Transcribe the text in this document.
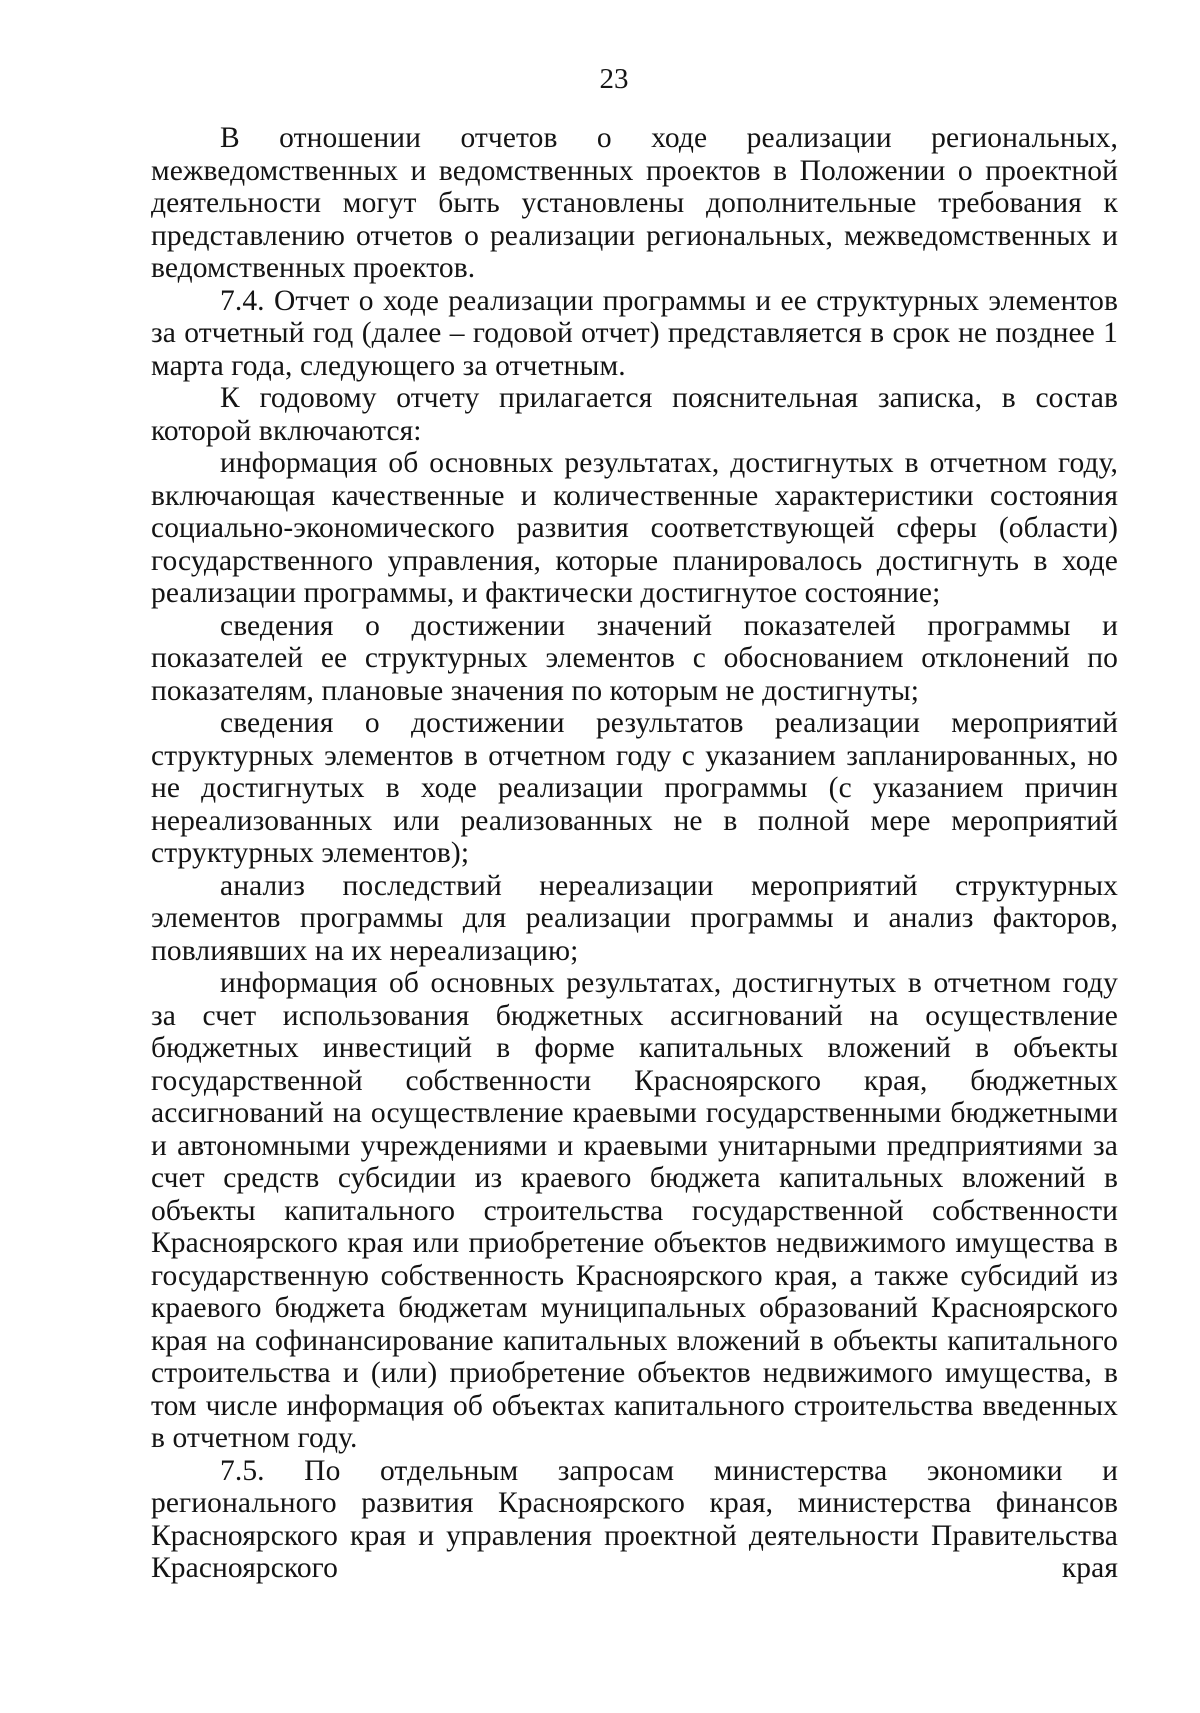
23

В отношении отчетов о ходе реализации региональных, межведомственных и ведомственных проектов в Положении о проектной деятельности могут быть установлены дополнительные требования к представлению отчетов о реализации региональных, межведомственных и ведомственных проектов.

7.4. Отчет о ходе реализации программы и ее структурных элементов за отчетный год (далее – годовой отчет) представляется в срок не позднее 1 марта года, следующего за отчетным.

К годовому отчету прилагается пояснительная записка, в состав которой включаются:

информация об основных результатах, достигнутых в отчетном году, включающая качественные и количественные характеристики состояния социально-экономического развития соответствующей сферы (области) государственного управления, которые планировалось достигнуть в ходе реализации программы, и фактически достигнутое состояние;

сведения о достижении значений показателей программы и показателей ее структурных элементов с обоснованием отклонений по показателям, плановые значения по которым не достигнуты;

сведения о достижении результатов реализации мероприятий структурных элементов в отчетном году с указанием запланированных, но не достигнутых в ходе реализации программы (с указанием причин нереализованных или реализованных не в полной мере мероприятий структурных элементов);

анализ последствий нереализации мероприятий структурных элементов программы для реализации программы и анализ факторов, повлиявших на их нереализацию;

информация об основных результатах, достигнутых в отчетном году за счет использования бюджетных ассигнований на осуществление бюджетных инвестиций в форме капитальных вложений в объекты государственной собственности Красноярского края, бюджетных ассигнований на осуществление краевыми государственными бюджетными и автономными учреждениями и краевыми унитарными предприятиями за счет средств субсидии из краевого бюджета капитальных вложений в объекты капитального строительства государственной собственности Красноярского края или приобретение объектов недвижимого имущества в государственную собственность Красноярского края, а также субсидий из краевого бюджета бюджетам муниципальных образований Красноярского края на софинансирование капитальных вложений в объекты капитального строительства и (или) приобретение объектов недвижимого имущества, в том числе информация об объектах капитального строительства введенных в отчетном году.

7.5. По отдельным запросам министерства экономики и регионального развития Красноярского края, министерства финансов Красноярского края и управления проектной деятельности Правительства Красноярского края
